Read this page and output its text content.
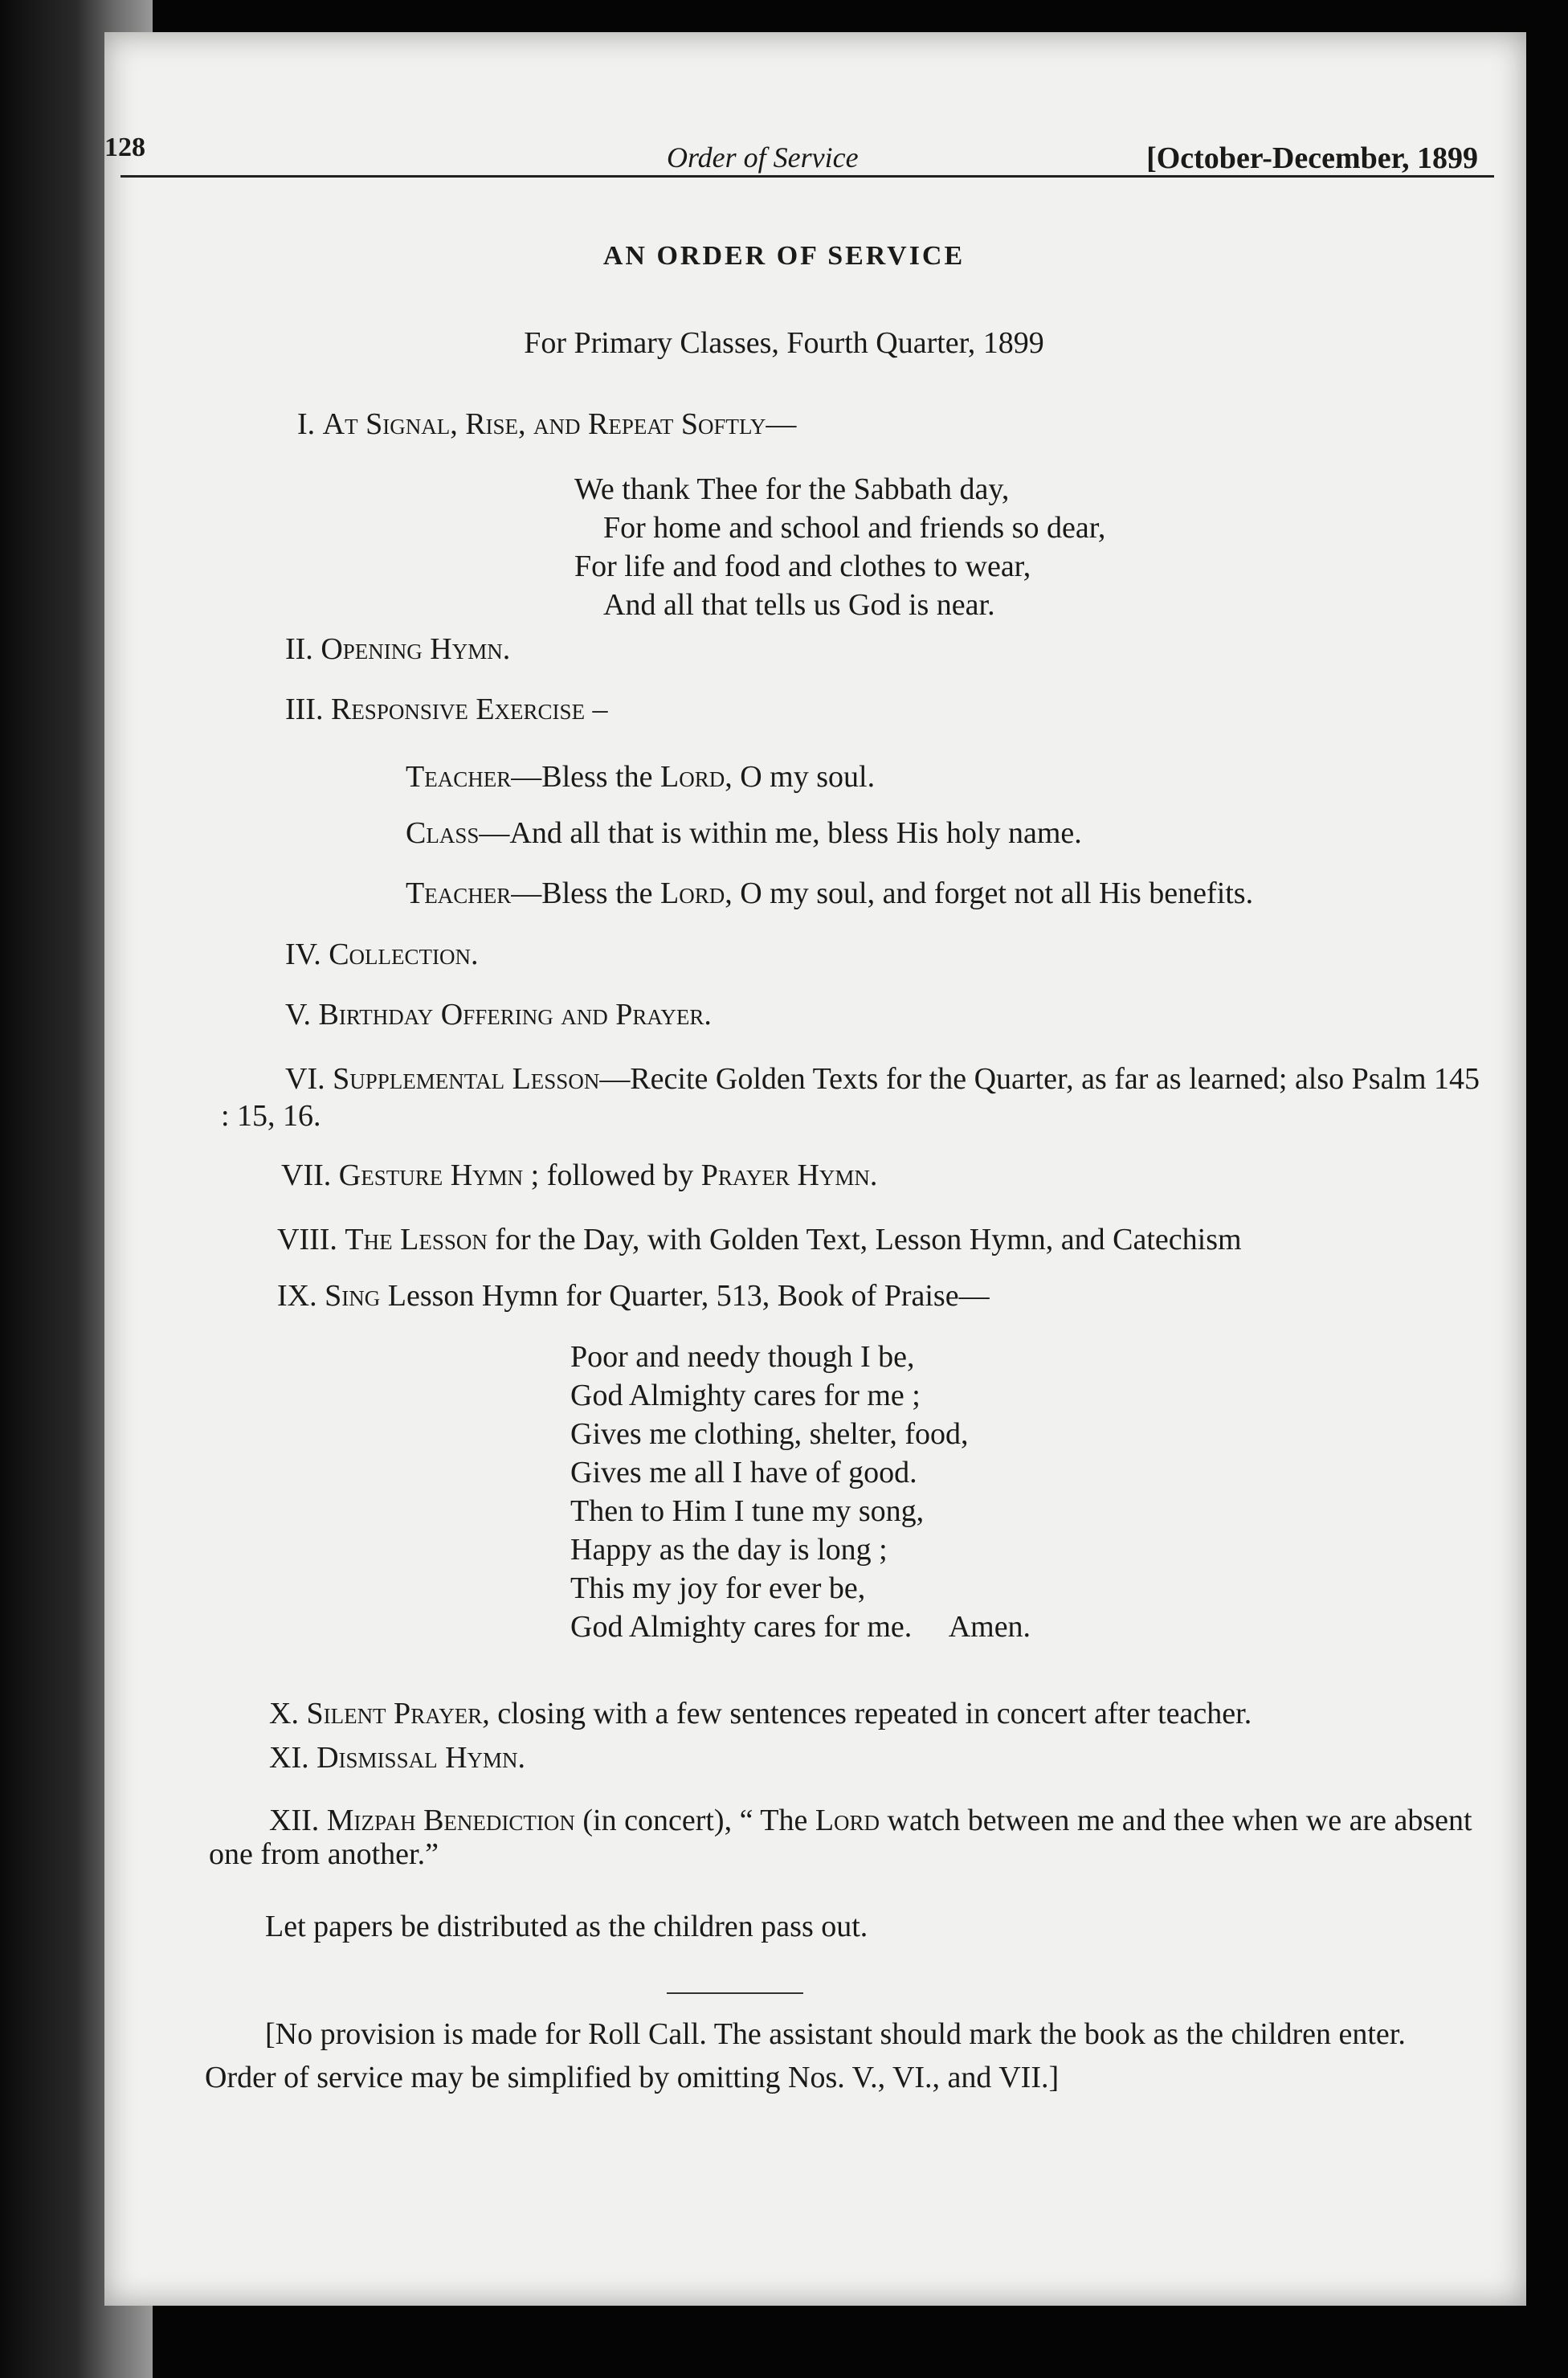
128	Order of Service	[October-December, 1899
AN ORDER OF SERVICE
For Primary Classes, Fourth Quarter, 1899
I. At Signal, Rise, and Repeat Softly—
We thank Thee for the Sabbath day,
For home and school and friends so dear,
For life and food and clothes to wear,
And all that tells us God is near.
II. Opening Hymn.
III. Responsive Exercise –
Teacher—Bless the Lord, O my soul.
Class—And all that is within me, bless His holy name.
Teacher—Bless the Lord, O my soul, and forget not all His benefits.
IV. Collection.
V. Birthday Offering and Prayer.
VI. Supplemental Lesson—Recite Golden Texts for the Quarter, as far as learned; also Psalm 145 : 15, 16.
VII. Gesture Hymn ; followed by Prayer Hymn.
VIII. The Lesson for the Day, with Golden Text, Lesson Hymn, and Catechism
IX. Sing Lesson Hymn for Quarter, 513, Book of Praise—
Poor and needy though I be,
God Almighty cares for me ;
Gives me clothing, shelter, food,
Gives me all I have of good.
Then to Him I tune my song,
Happy as the day is long ;
This my joy for ever be,
God Almighty cares for me.     Amen.
X. Silent Prayer, closing with a few sentences repeated in concert after teacher.
XI. Dismissal Hymn.
XII. Mizpah Benediction (in concert), “ The Lord watch between me and thee when we are absent one from another.”
Let papers be distributed as the children pass out.
[No provision is made for Roll Call. The assistant should mark the book as the children enter. Order of service may be simplified by omitting Nos. V., VI., and VII.]
